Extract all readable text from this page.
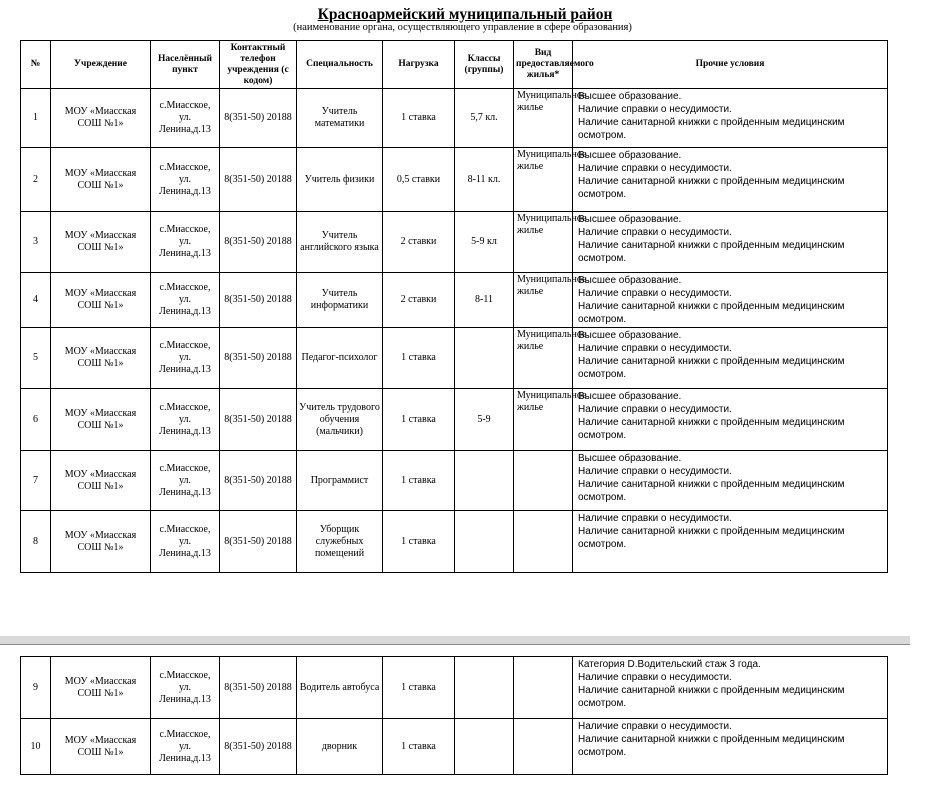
Красноармейский муниципальный район
(наименование органа, осуществляющего управление в сфере образования)
№	Учреждение	Населённый пункт	Контактный телефон учреждения (с кодом)	Специальность	Нагрузка	Классы (группы)	Вид предоставляемого жилья*	Прочие условия
1	МОУ «Миасская СОШ №1»	с.Миасское, ул. Ленина,д.13	8(351-50) 20188	Учитель математики	1 ставка	5,7 кл.	Муниципальное жилье	Высшее образование.
Наличие справки о несудимости.
Наличие санитарной книжки с пройденным медицинским осмотром.

2	МОУ «Миасская СОШ №1»	с.Миасское, ул. Ленина,д.13	8(351-50) 20188	Учитель физики	0,5 ставки	8-11 кл.	Муниципальное жилье	Высшее образование.
Наличие справки о несудимости.
Наличие санитарной книжки с пройденным медицинским осмотром.

3	МОУ «Миасская СОШ №1»	с.Миасское, ул. Ленина,д.13	8(351-50) 20188	Учитель английского языка	2 ставки	5-9 кл	Муниципальное жилье	Высшее образование.
Наличие справки о несудимости.
Наличие санитарной книжки с пройденным медицинским осмотром.

4	МОУ «Миасская СОШ №1»	с.Миасское, ул. Ленина,д.13	8(351-50) 20188	Учитель информатики	2 ставки	8-11	Муниципальное жилье	Высшее образование.
Наличие справки о несудимости.
Наличие санитарной книжки с пройденным медицинским осмотром.

5	МОУ «Миасская СОШ №1»	с.Миасское, ул. Ленина,д.13	8(351-50) 20188	Педагог-психолог	1 ставка		Муниципальное жилье	Высшее образование.
Наличие справки о несудимости.
Наличие санитарной книжки с пройденным медицинским осмотром.

6	МОУ «Миасская СОШ №1»	с.Миасское, ул. Ленина,д.13	8(351-50) 20188	Учитель трудового обучения (мальчики)	1 ставка	5-9	Муниципальное жилье	Высшее образование.
Наличие справки о несудимости.
Наличие санитарной книжки с пройденным медицинским осмотром.

7	МОУ «Миасская СОШ №1»	с.Миасское, ул. Ленина,д.13	8(351-50) 20188	Программист	1 ставка			Высшее образование.
Наличие справки о несудимости.
Наличие санитарной книжки с пройденным медицинским осмотром.

8	МОУ «Миасская СОШ №1»	с.Миасское, ул. Ленина,д.13	8(351-50) 20188	Уборщик служебных помещений	1 ставка			Наличие справки о несудимости.
Наличие санитарной книжки с пройденным медицинским осмотром.
9	МОУ «Миасская СОШ №1»	с.Миасское, ул. Ленина,д.13	8(351-50) 20188	Водитель автобуса	1 ставка			Категория D.Водительский стаж 3 года.
Наличие справки о несудимости.
Наличие санитарной книжки с пройденным медицинским осмотром.

10	МОУ «Миасская СОШ №1»	с.Миасское, ул. Ленина,д.13	8(351-50) 20188	дворник	1 ставка			Наличие справки о несудимости.
Наличие санитарной книжки с пройденным медицинским осмотром.
